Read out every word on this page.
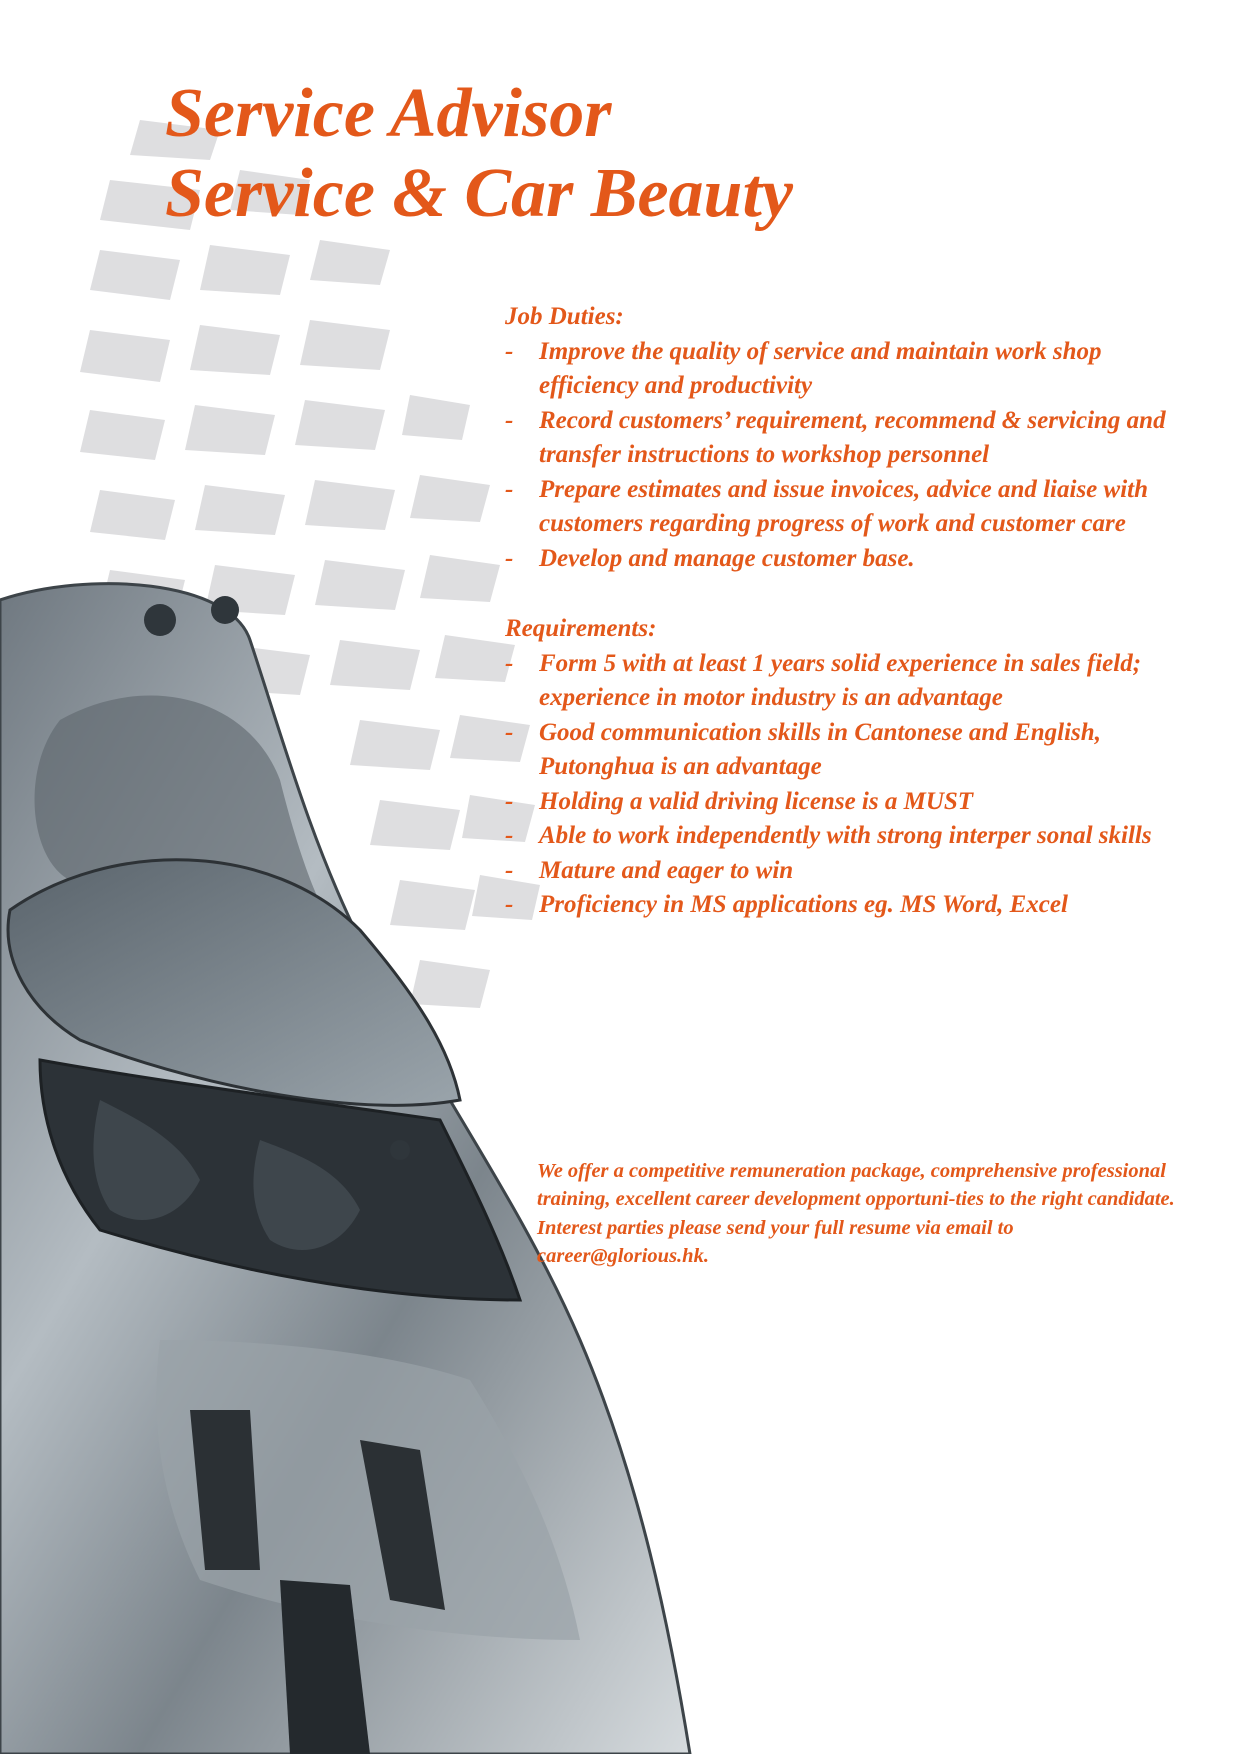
Service Advisor
Service & Car Beauty
Job Duties:
- Improve the quality of service and maintain work shop efficiency and productivity
- Record customers’ requirement, recommend & servicing and transfer instructions to workshop personnel
- Prepare estimates and issue invoices, advice and liaise with customers regarding progress of work and customer care
- Develop and manage customer base.
Requirements:
- Form 5 with at least 1 years solid experience in sales field; experience in motor industry is an advantage
- Good communication skills in Cantonese and English, Putonghua is an advantage
- Holding a valid driving license is a MUST
- Able to work independently with strong interper sonal skills
- Mature and eager to win
- Proficiency in MS applications eg. MS Word, Excel

We offer a competitive remuneration package, comprehensive professional training, excellent career development opportuni-ties to the right candidate. Interest parties please send your full resume via email to career@glorious.hk.
